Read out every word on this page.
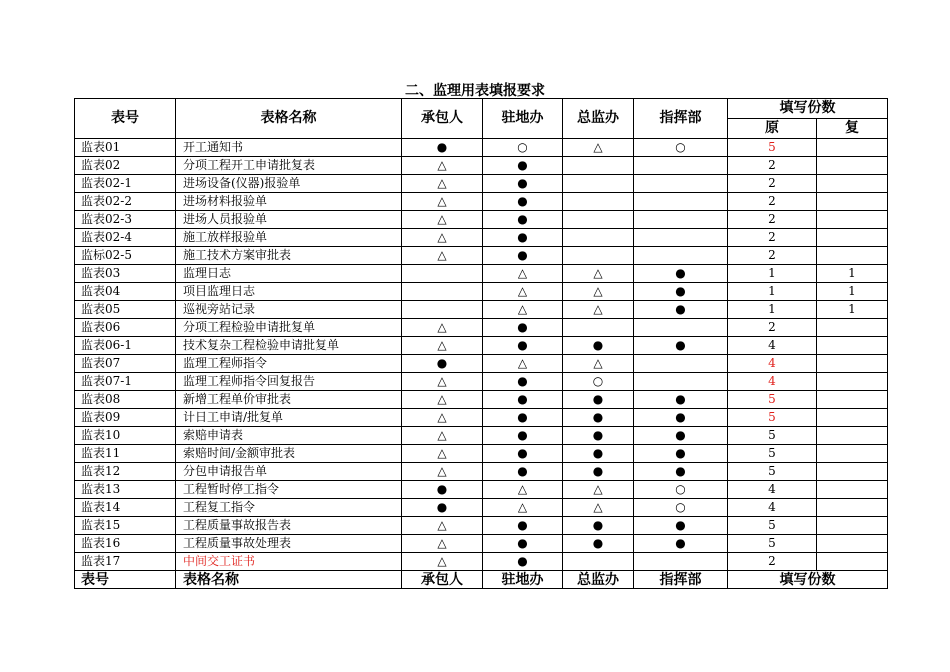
二、监理用表填报要求
表号	表格名称	承包人	驻地办	总监办	指挥部	填写份数	
						原	复
监表01	开工通知书	●	○	△	○	5	
监表02	分项工程开工申请批复表	△	●			2	
监表02-1	进场设备(仪器)报验单	△	●			2	
监表02-2	进场材料报验单	△	●			2	
监表02-3	进场人员报验单	△	●			2	
监表02-4	施工放样报验单	△	●			2	
监标02-5	施工技术方案审批表	△	●			2	
监表03	监理日志		△	△	●	1	1
监表04	项目监理日志		△	△	●	1	1
监表05	巡视旁站记录		△	△	●	1	1
监表06	分项工程检验申请批复单	△	●			2	
监表06-1	技术复杂工程检验申请批复单	△	●	●	●	4	
监表07	监理工程师指令	●	△	△		4	
监表07-1	监理工程师指令回复报告	△	●	○		4	
监表08	新增工程单价审批表	△	●	●	●	5	
监表09	计日工申请/批复单	△	●	●	●	5	
监表10	索赔申请表	△	●	●	●	5	
监表11	索赔时间/金额审批表	△	●	●	●	5	
监表12	分包申请报告单	△	●	●	●	5	
监表13	工程暂时停工指令	●	△	△	○	4	
监表14	工程复工指令	●	△	△	○	4	
监表15	工程质量事故报告表	△	●	●	●	5	
监表16	工程质量事故处理表	△	●	●	●	5	
监表17	中间交工证书	△	●			2	
表号	表格名称	承包人	驻地办	总监办	指挥部	填写份数	
